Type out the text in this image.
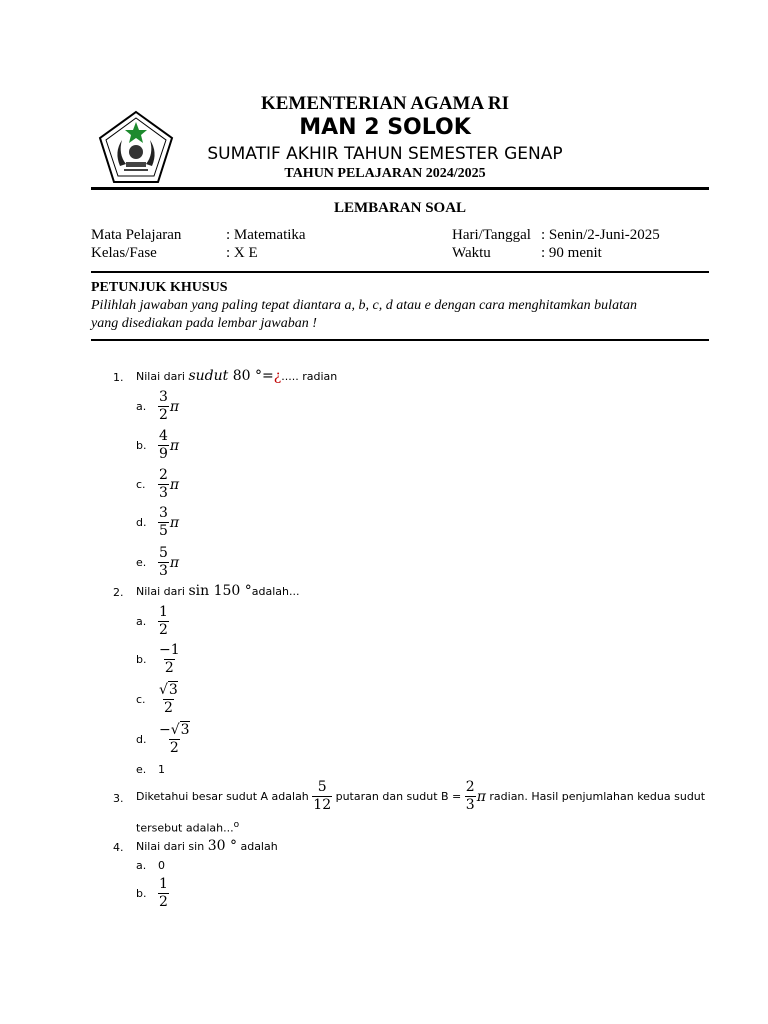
KEMENTERIAN AGAMA RI
MAN 2 SOLOK
SUMATIF AKHIR TAHUN SEMESTER GENAP
TAHUN PELAJARAN 2024/2025
LEMBARAN SOAL
Mata Pelajaran	: Matematika
Kelas/Fase	: X E
Hari/Tanggal : Senin/2-Juni-2025
Waktu	: 90 menit
PETUNJUK KHUSUS
Pilihlah jawaban yang paling tepat diantara a, b, c, d atau e dengan cara menghitamkan bulatan
yang disediakan pada lembar jawaban !
1. Nilai dari sudut 80 °=¿..... radian
a. $\frac{3}{2}$ π
b. $\frac{4}{9}$ π
c. $\frac{2}{3}$ π
d. $\frac{3}{5}$ π
e. $\frac{5}{3}$ π
2. Nilai dari sin 150 °adalah...
a. $\frac{1}{2}$
b. $\frac{-1}{2}$
c. $\frac{√3}{2}$
d. $\frac{-√3}{2}$
e.	1
3. Diketahui besar sudut A adalah $\frac{5}{12}$ putaran dan sudut $B = \frac{2}{3}$ π radian. Hasil penjumlahan kedua sudut
tersebut adalah...$^o$
4. Nilai dari sin 30 ° adalah
a.	0
b. $\frac{1}{2}$
